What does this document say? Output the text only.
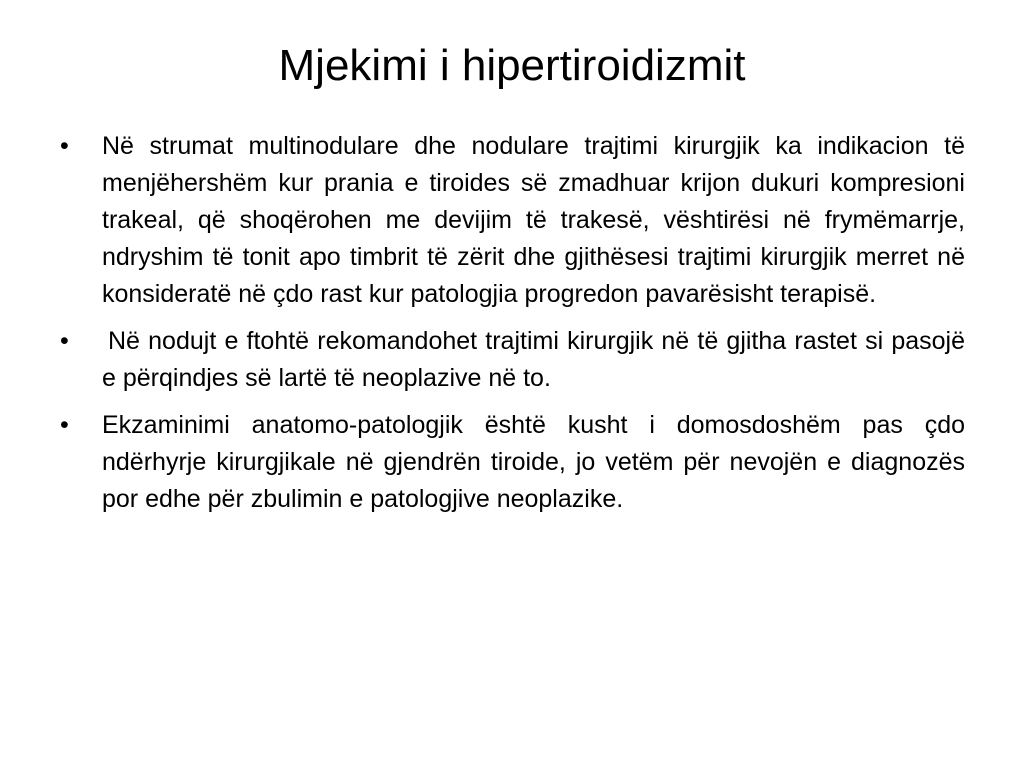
Mjekimi i hipertiroidizmit
•	Në strumat multinodulare dhe nodulare trajtimi kirurgjik ka indikacion të menjëhershëm kur prania e tiroides së zmadhuar krijon dukuri kompresioni trakeal, që shoqërohen me devijim të trakesë, vështirësi në frymëmarrje, ndryshim të tonit apo timbrit të zërit dhe gjithësesi trajtimi kirurgjik merret në konsideratë në çdo rast kur patologjia progredon pavarësisht terapisë.
•	Në nodujt e ftohtë rekomandohet trajtimi kirurgjik në të gjitha rastet si pasojë e përqindjes së lartë të neoplazive në to.
•	Ekzaminimi anatomo-patologjik është kusht i domosdoshëm pas çdo ndërhyrje kirurgjikale në gjendrën tiroide, jo vetëm për nevojën e diagnozës por edhe për zbulimin e patologjive neoplazike.
